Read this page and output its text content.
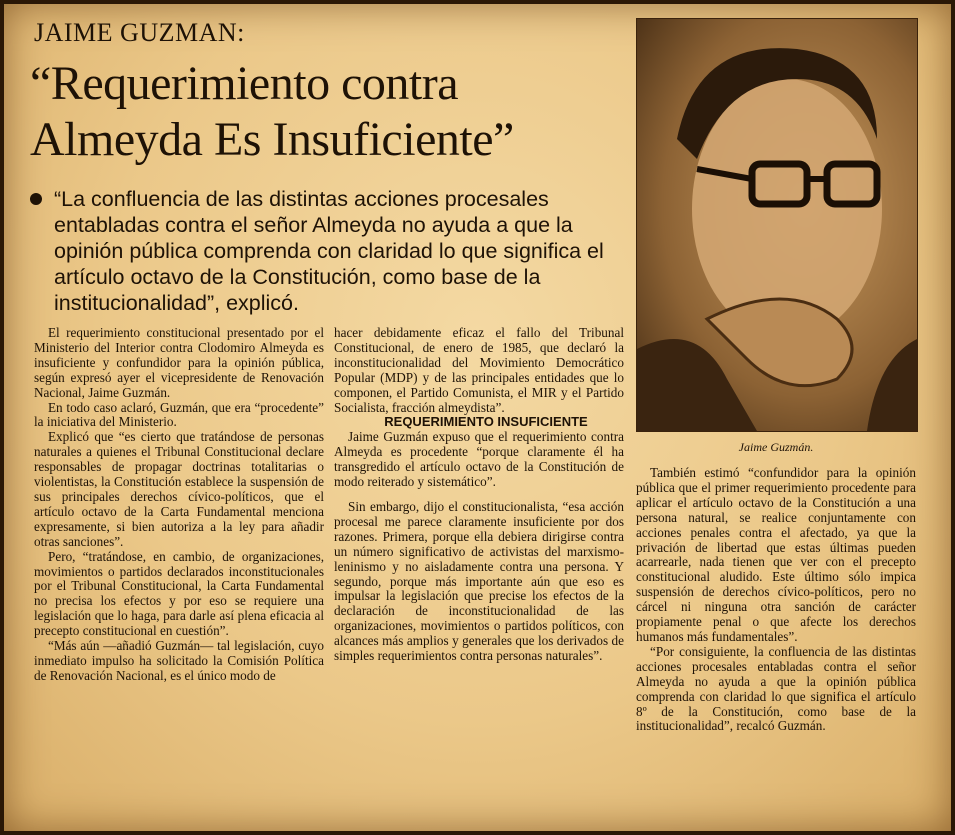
JAIME GUZMAN:
“Requerimiento contra
Almeyda Es Insuficiente”

“La confluencia de las distintas acciones procesales entabladas contra el señor Almeyda no ayuda a que la opinión pública comprenda con claridad lo que significa el artículo octavo de la Constitución, como base de la institucionalidad”, explicó.

Jaime Guzmán.

El requerimiento constitucional presentado por el Ministerio del Interior contra Clodomiro Almeyda es insuficiente y confundidor para la opinión pública, según expresó ayer el vicepresidente de Renovación Nacional, Jaime Guzmán.

En todo caso aclaró, Guzmán, que era “procedente” la iniciativa del Ministerio.

Explicó que “es cierto que tratándose de personas naturales a quienes el Tribunal Constitucional declare responsables de propagar doctrinas totalitarias o violentistas, la Constitución establece la suspensión de sus principales derechos cívico-políticos, que el artículo octavo de la Carta Fundamental menciona expresamente, si bien autoriza a la ley para añadir otras sanciones”.

Pero, “tratándose, en cambio, de organizaciones, movimientos o partidos declarados inconstitucionales por el Tribunal Constitucional, la Carta Fundamental no precisa los efectos y por eso se requiere una legislación que lo haga, para darle así plena eficacia al precepto constitucional en cuestión”.

“Más aún —añadió Guzmán— tal legislación, cuyo inmediato impulso ha solicitado la Comisión Política de Renovación Nacional, es el único modo de

hacer debidamente eficaz el fallo del Tribunal Constitucional, de enero de 1985, que declaró la inconstitucionalidad del Movimiento Democrático Popular (MDP) y de las principales entidades que lo componen, el Partido Comunista, el MIR y el Partido Socialista, fracción almeydista”.

REQUERIMIENTO INSUFICIENTE

Jaime Guzmán expuso que el requerimiento contra Almeyda es procedente “porque claramente él ha transgredido el artículo octavo de la Constitución de modo reiterado y sistemático”.

Sin embargo, dijo el constitucionalista, “esa acción procesal me parece claramente insuficiente por dos razones. Primera, porque ella debiera dirigirse contra un número significativo de activistas del marxismo-leninismo y no aisladamente contra una persona. Y segundo, porque más importante aún que eso es impulsar la legislación que precise los efectos de la declaración de inconstitucionalidad de las organizaciones, movimientos o partidos políticos, con alcances más amplios y generales que los derivados de simples requerimientos contra personas naturales”.

También estimó “confundidor para la opinión pública que el primer requerimiento procedente para aplicar el artículo octavo de la Constitución a una persona natural, se realice conjuntamente con acciones penales contra el afectado, ya que la privación de libertad que estas últimas pueden acarrearle, nada tienen que ver con el precepto constitucional aludido. Este último sólo impica suspensión de derechos cívico-políticos, pero no cárcel ni ninguna otra sanción de carácter propiamente penal o que afecte los derechos humanos más fundamentales”.

“Por consiguiente, la confluencia de las distintas acciones procesales entabladas contra el señor Almeyda no ayuda a que la opinión pública comprenda con claridad lo que significa el artículo 8º de la Constitución, como base de la institucionalidad”, recalcó Guzmán.
